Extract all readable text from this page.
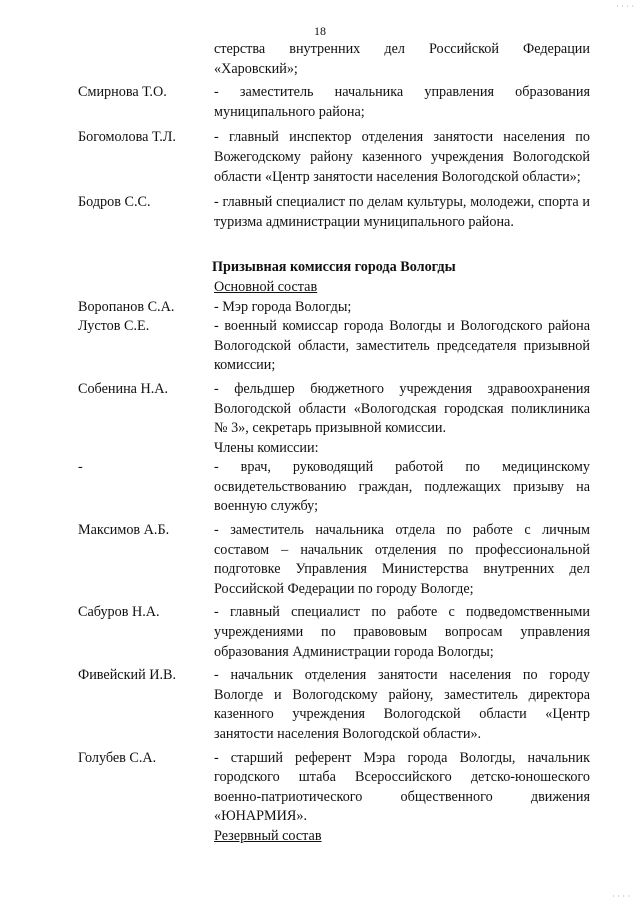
18
стерства внутренних дел Российской Федерации «Харовский»;
Смирнова Т.О.	- заместитель начальника управления образования муниципального района;
Богомолова Т.Л.	- главный инспектор отделения занятости населения по Вожегодскому району казенного учреждения Вологодской области «Центр занятости населения Вологодской области»;
Бодров С.С.	- главный специалист по делам культуры, молодежи, спорта и туризма администрации муниципального района.
Призывная комиссия города Вологды
Основной состав
Воропанов С.А.	- Мэр города Вологды;
Лустов С.Е.	- военный комиссар города Вологды и Вологодского района Вологодской области, заместитель председателя призывной комиссии;
Собенина Н.А.	- фельдшер бюджетного учреждения здравоохранения Вологодской области «Вологодская городская поликлиника № 3», секретарь призывной комиссии.
Члены комиссии:
-	- врач, руководящий работой по медицинскому освидетельствованию граждан, подлежащих призыву на военную службу;
Максимов А.Б.	- заместитель начальника отдела по работе с личным составом – начальник отделения по профессиональной подготовке Управления Министерства внутренних дел Российской Федерации по городу Вологде;
Сабуров Н.А.	- главный специалист по работе с подведомственными учреждениями по правововым вопросам управления образования Администрации города Вологды;
Фивейский И.В.	- начальник отделения занятости населения по городу Вологде и Вологодскому району, заместитель директора казенного учреждения Вологодской области «Центр занятости населения Вологодской области».
Голубев С.А.	- старший референт Мэра города Вологды, начальник городского штаба Всероссийского детско-юношеского военно-патриотического общественного движения «ЮНАРМИЯ».
Резервный состав
· · · ·
· · · ·
